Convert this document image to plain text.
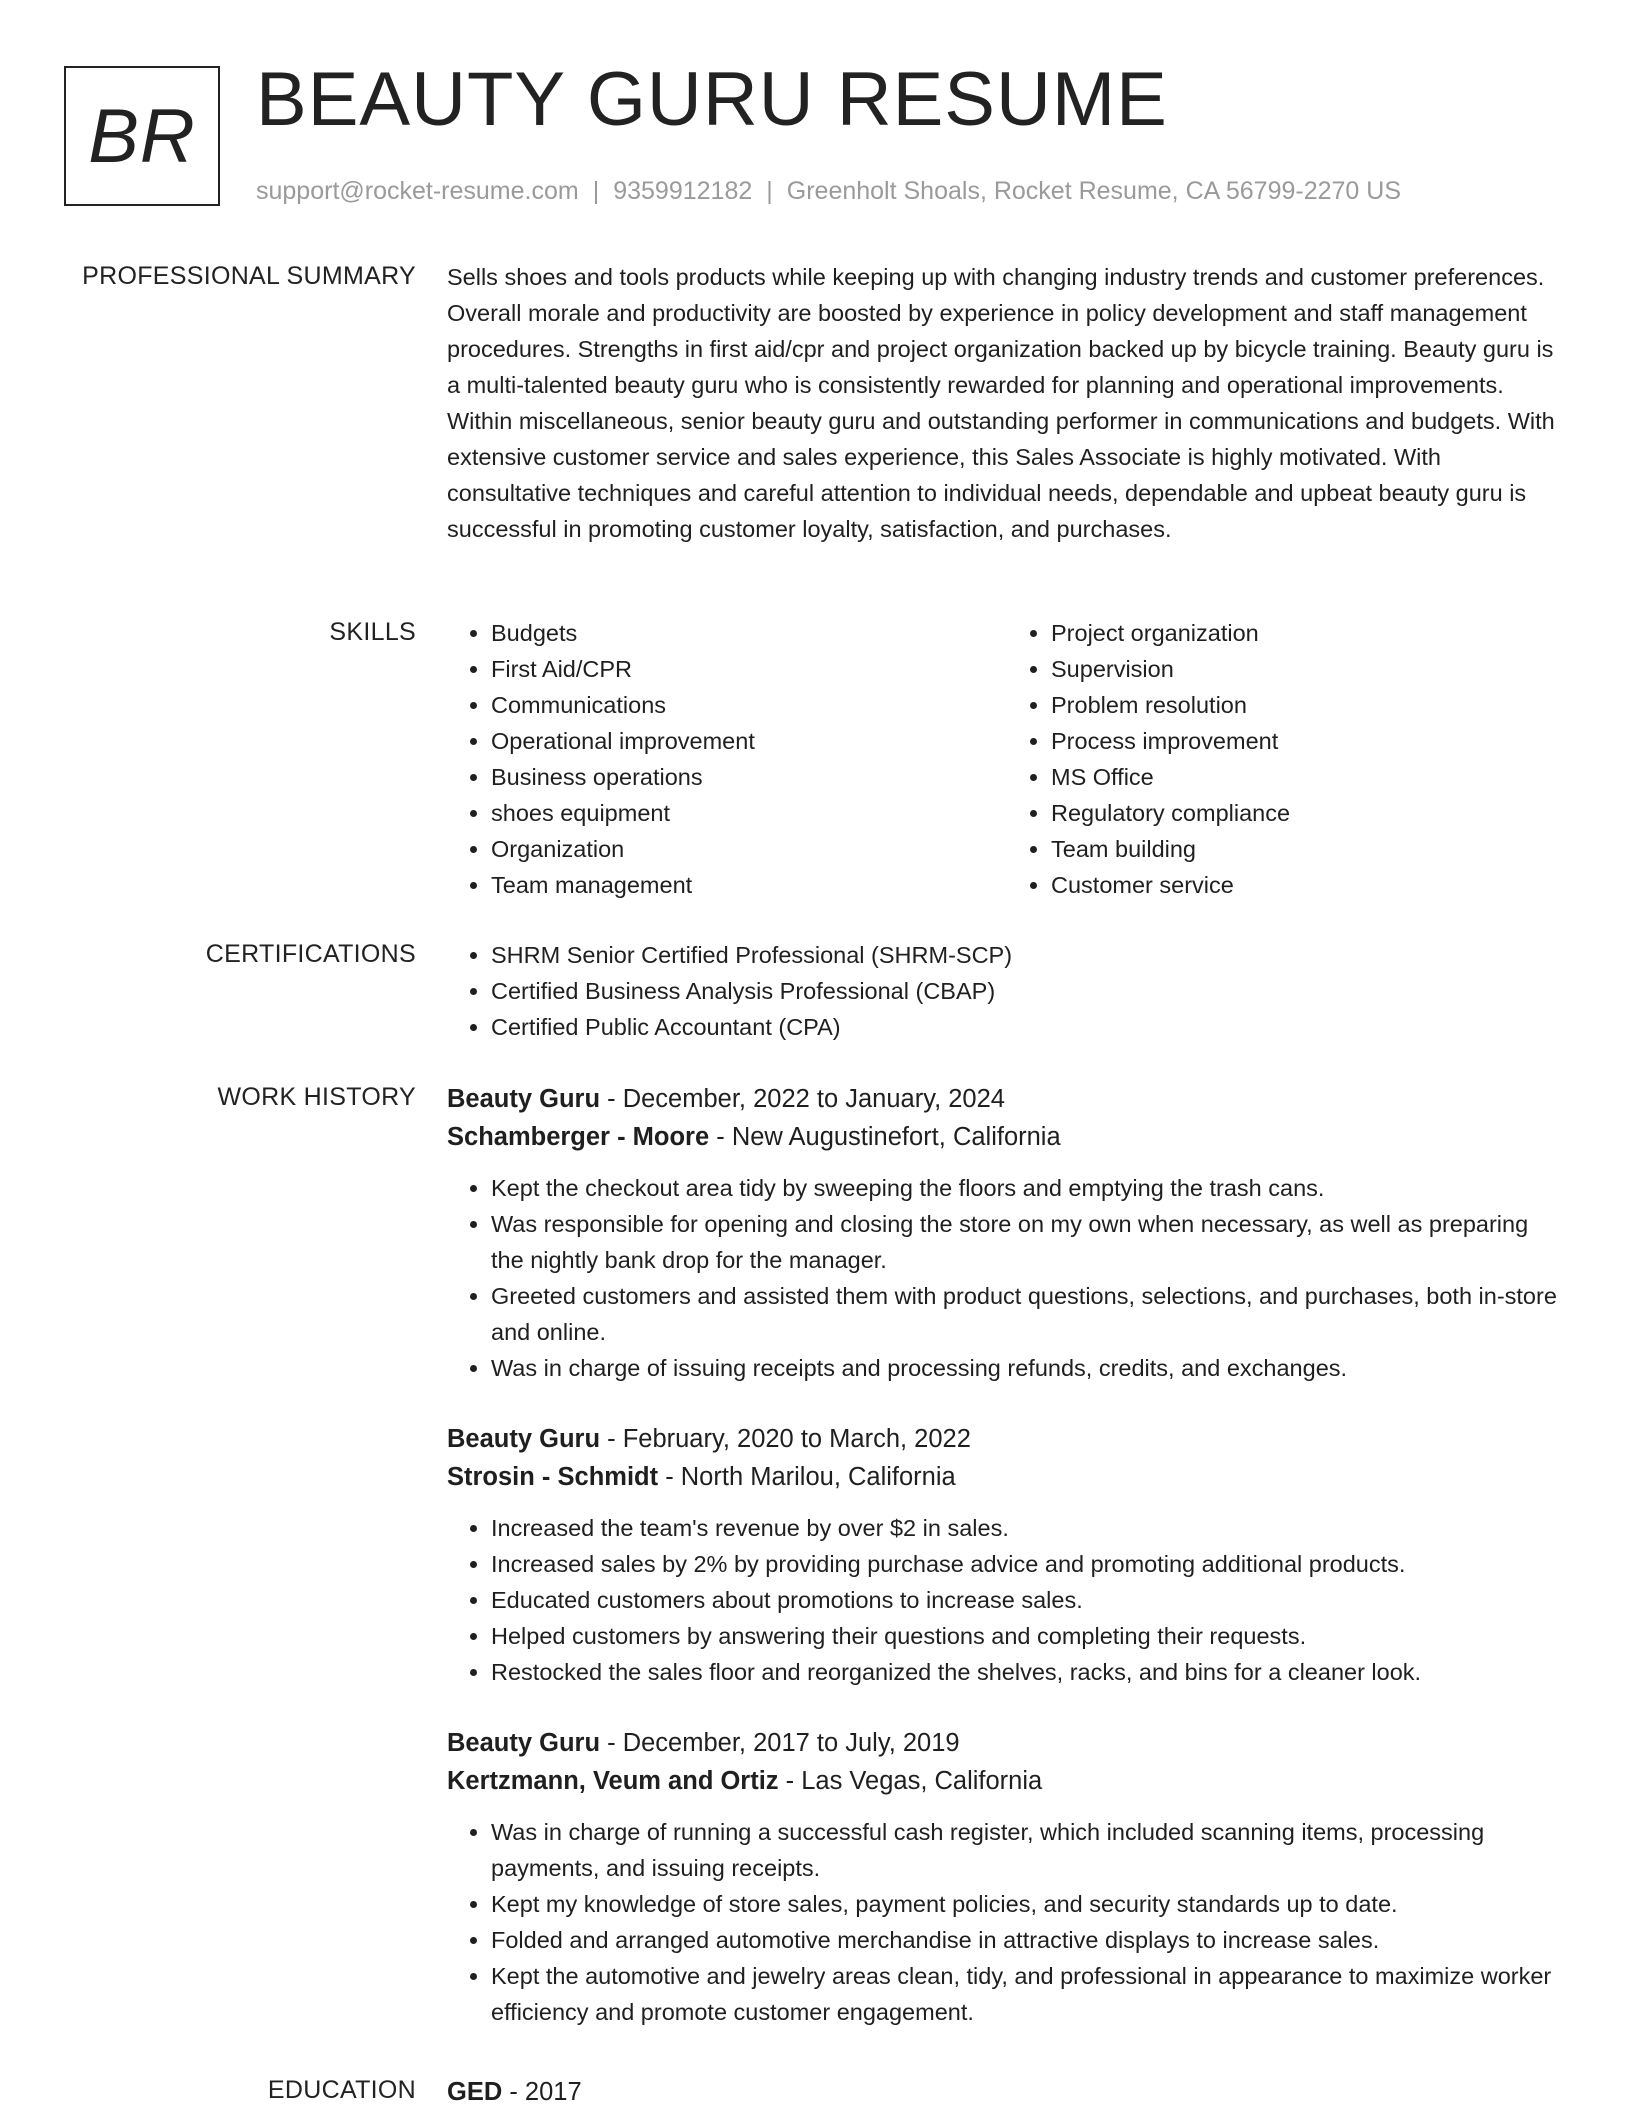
BR BEAUTY GURU RESUME
support@rocket-resume.com | 9359912182 | Greenholt Shoals, Rocket Resume, CA 56799-2270 US
PROFESSIONAL SUMMARY Sells shoes and tools products while keeping up with changing industry trends and customer preferences. Overall morale and productivity are boosted by experience in policy development and staff management procedures. Strengths in first aid/cpr and project organization backed up by bicycle training. Beauty guru is a multi-talented beauty guru who is consistently rewarded for planning and operational improvements. Within miscellaneous, senior beauty guru and outstanding performer in communications and budgets. With extensive customer service and sales experience, this Sales Associate is highly motivated. With consultative techniques and careful attention to individual needs, dependable and upbeat beauty guru is successful in promoting customer loyalty, satisfaction, and purchases.

SKILLS	• Budgets
• First Aid/CPR
• Communications
• Operational improvement
• Business operations
• shoes equipment
• Organization
• Team management
• Project organization
• Supervision
• Problem resolution
• Process improvement
• MS Office
• Regulatory compliance
• Team building
• Customer service
CERTIFICATIONS	• SHRM Senior Certified Professional (SHRM-SCP)
• Certified Business Analysis Professional (CBAP)
• Certified Public Accountant (CPA)
WORK HISTORY Beauty Guru - December, 2022 to January, 2024
Schamberger - Moore - New Augustinefort, California
• Kept the checkout area tidy by sweeping the floors and emptying the trash cans.
• Was responsible for opening and closing the store on my own when necessary, as well as preparing the nightly bank drop for the manager.
• Greeted customers and assisted them with product questions, selections, and purchases, both in-store and online.
• Was in charge of issuing receipts and processing refunds, credits, and exchanges.
Beauty Guru - February, 2020 to March, 2022
Strosin - Schmidt - North Marilou, California
• Increased the team's revenue by over $2 in sales.
• Increased sales by 2% by providing purchase advice and promoting additional products.
• Educated customers about promotions to increase sales.
• Helped customers by answering their questions and completing their requests.
• Restocked the sales floor and reorganized the shelves, racks, and bins for a cleaner look.
Beauty Guru - December, 2017 to July, 2019
Kertzmann, Veum and Ortiz - Las Vegas, California
• Was in charge of running a successful cash register, which included scanning items, processing payments, and issuing receipts.
• Kept my knowledge of store sales, payment policies, and security standards up to date.
• Folded and arranged automotive merchandise in attractive displays to increase sales.
• Kept the automotive and jewelry areas clean, tidy, and professional in appearance to maximize worker efficiency and promote customer engagement.
EDUCATION GED - 2017
